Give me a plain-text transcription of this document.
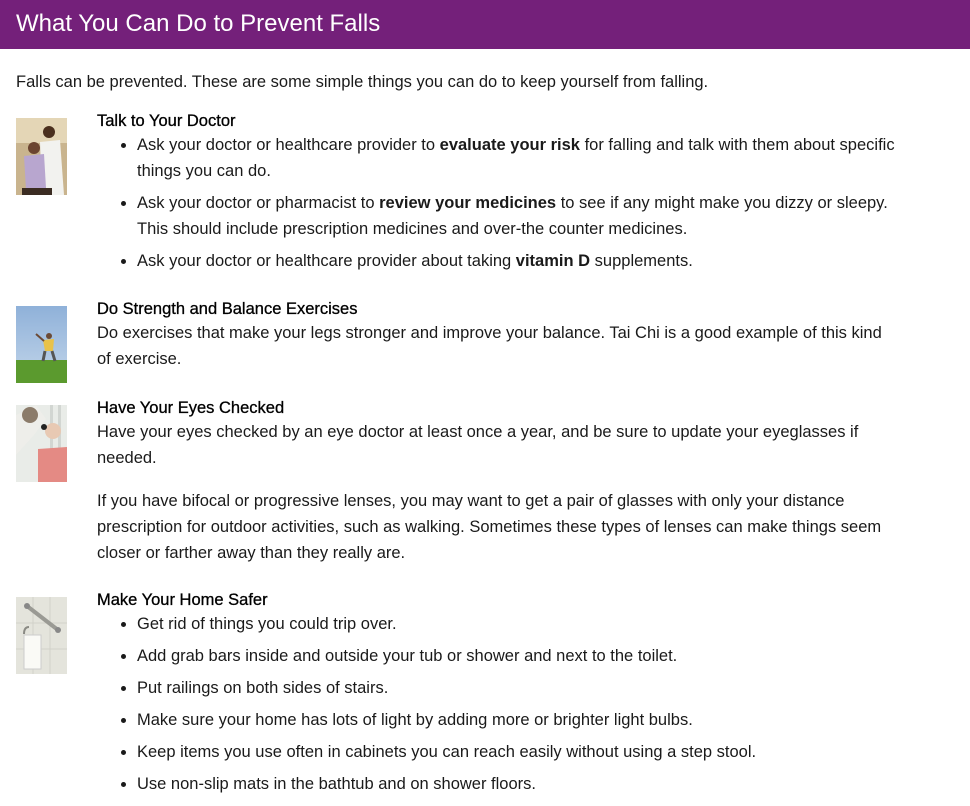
What You Can Do to Prevent Falls
Falls can be prevented. These are some simple things you can do to keep yourself from falling.
Talk to Your Doctor
• Ask your doctor or healthcare provider to evaluate your risk for falling and talk with them about specific things you can do.
• Ask your doctor or pharmacist to review your medicines to see if any might make you dizzy or sleepy. This should include prescription medicines and over-the counter medicines.
• Ask your doctor or healthcare provider about taking vitamin D supplements.
Do Strength and Balance Exercises

Do exercises that make your legs stronger and improve your balance. Tai Chi is a good example of this kind of exercise.

Have Your Eyes Checked

Have your eyes checked by an eye doctor at least once a year, and be sure to update your eyeglasses if needed.

If you have bifocal or progressive lenses, you may want to get a pair of glasses with only your distance prescription for outdoor activities, such as walking. Sometimes these types of lenses can make things seem closer or farther away than they really are.

Make Your Home Safer
• Get rid of things you could trip over.
• Add grab bars inside and outside your tub or shower and next to the toilet.
• Put railings on both sides of stairs.
• Make sure your home has lots of light by adding more or brighter light bulbs.
• Keep items you use often in cabinets you can reach easily without using a step stool.
• Use non-slip mats in the bathtub and on shower floors.
